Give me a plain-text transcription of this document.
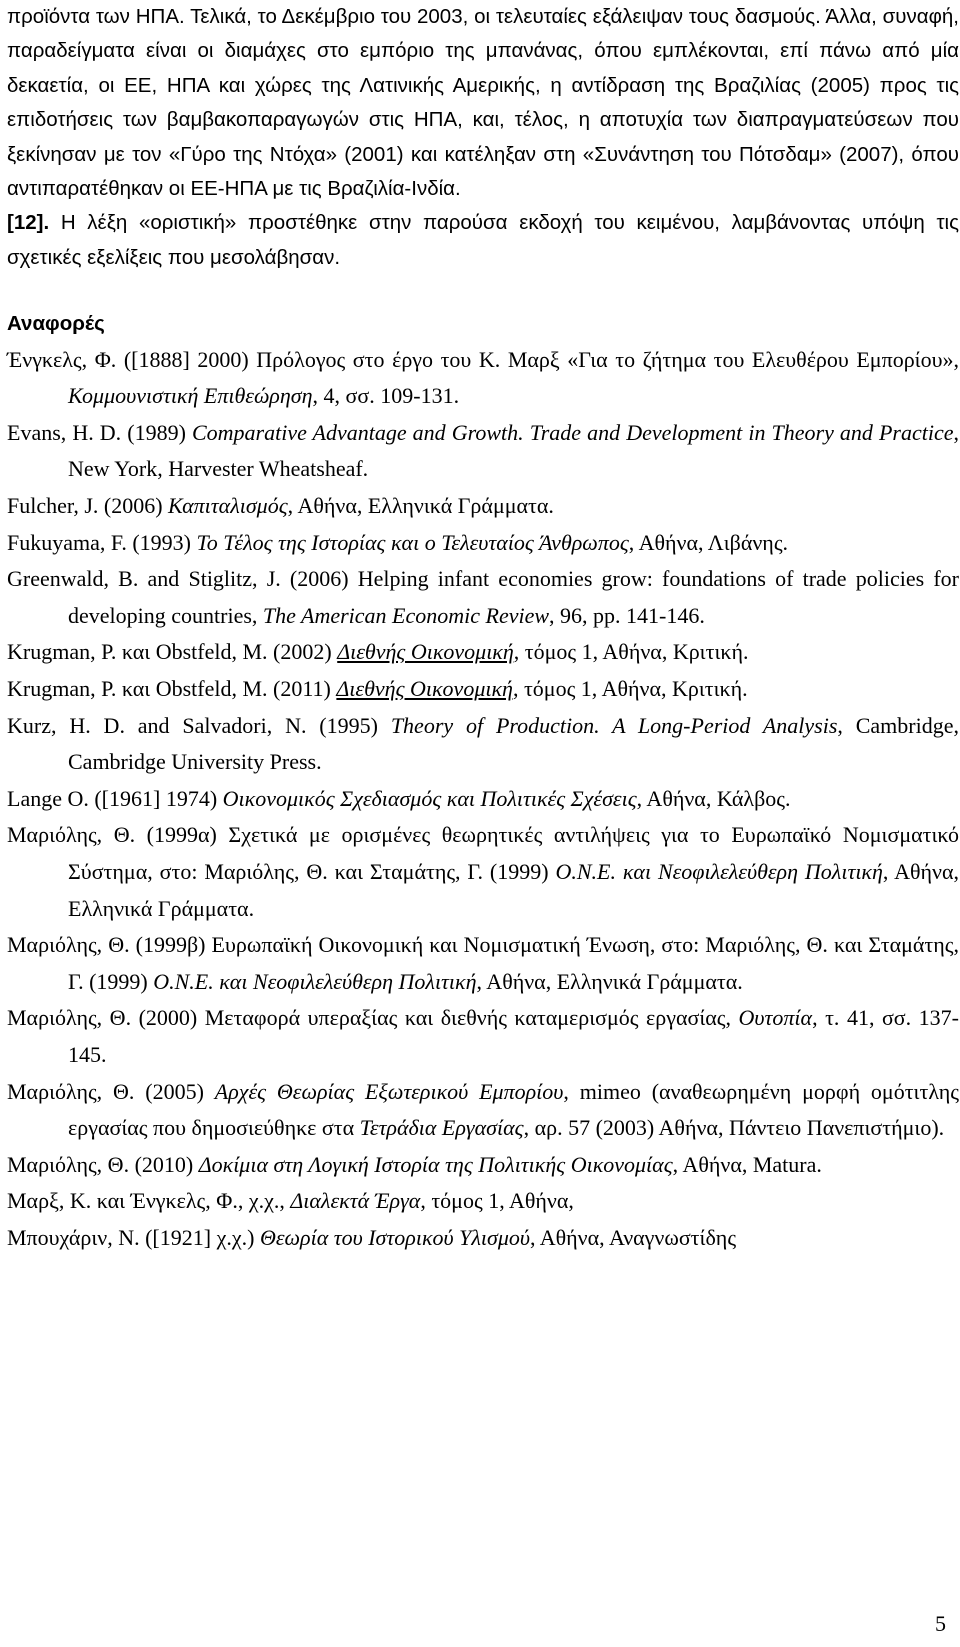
προϊόντα των ΗΠΑ. Τελικά, το Δεκέμβριο του 2003, οι τελευταίες εξάλειψαν τους δασμούς. Άλλα, συναφή, παραδείγματα είναι οι διαμάχες στο εμπόριο της μπανάνας, όπου εμπλέκονται, επί πάνω από μία δεκαετία, οι ΕΕ, ΗΠΑ και χώρες της Λατινικής Αμερικής, η αντίδραση της Βραζιλίας (2005) προς τις επιδοτήσεις των βαμβακοπαραγωγών στις ΗΠΑ, και, τέλος, η αποτυχία των διαπραγματεύσεων που ξεκίνησαν με τον «Γύρο της Ντόχα» (2001) και κατέληξαν στη «Συνάντηση του Πότσδαμ» (2007), όπου αντιπαρατέθηκαν οι ΕΕ-ΗΠΑ με τις Βραζιλία-Ινδία.
[12]. Η λέξη «οριστική» προστέθηκε στην παρούσα εκδοχή του κειμένου, λαμβάνοντας υπόψη τις σχετικές εξελίξεις που μεσολάβησαν.

Αναφορές
Ένγκελς, Φ. ([1888] 2000) Πρόλογος στο έργο του Κ. Μαρξ «Για το ζήτημα του Ελευθέρου Εμπορίου», Κομμουνιστική Επιθεώρηση, 4, σσ. 109-131.
Evans, H. D. (1989) Comparative Advantage and Growth. Trade and Development in Theory and Practice, New York, Harvester Wheatsheaf.
Fulcher, J. (2006) Καπιταλισμός, Αθήνα, Ελληνικά Γράμματα.
Fukuyama, F. (1993) Το Τέλος της Ιστορίας και ο Τελευταίος Άνθρωπος, Αθήνα, Λιβάνης.
Greenwald, B. and Stiglitz, J. (2006) Helping infant economies grow: foundations of trade policies for developing countries, The American Economic Review, 96, pp. 141-146.
Krugman, P. και Obstfeld, M. (2002) Διεθνής Οικονομική, τόμος 1, Αθήνα, Κριτική.
Krugman, P. και Obstfeld, M. (2011) Διεθνής Οικονομική, τόμος 1, Αθήνα, Κριτική.
Kurz, H. D. and Salvadori, N. (1995) Theory of Production. A Long-Period Analysis, Cambridge, Cambridge University Press.
Lange O. ([1961] 1974) Οικονομικός Σχεδιασμός και Πολιτικές Σχέσεις, Αθήνα, Κάλβος.
Μαριόλης, Θ. (1999α) Σχετικά με ορισμένες θεωρητικές αντιλήψεις για το Ευρωπαϊκό Νομισματικό Σύστημα, στο: Μαριόλης, Θ. και Σταμάτης, Γ. (1999) Ο.Ν.Ε. και Νεοφιλελεύθερη Πολιτική, Αθήνα, Ελληνικά Γράμματα.
Μαριόλης, Θ. (1999β) Ευρωπαϊκή Οικονομική και Νομισματική Ένωση, στο: Μαριόλης, Θ. και Σταμάτης, Γ. (1999) Ο.Ν.Ε. και Νεοφιλελεύθερη Πολιτική, Αθήνα, Ελληνικά Γράμματα.
Μαριόλης, Θ. (2000) Μεταφορά υπεραξίας και διεθνής καταμερισμός εργασίας, Ουτοπία, τ. 41, σσ. 137-145.
Μαριόλης, Θ. (2005) Αρχές Θεωρίας Εξωτερικού Εμπορίου, mimeo (αναθεωρημένη μορφή ομότιτλης εργασίας που δημοσιεύθηκε στα Τετράδια Εργασίας, αρ. 57 (2003) Αθήνα, Πάντειο Πανεπιστήμιο).
Μαριόλης, Θ. (2010) Δοκίμια στη Λογική Ιστορία της Πολιτικής Οικονομίας, Αθήνα, Matura.
Μαρξ, Κ. και Ένγκελς, Φ., χ.χ., Διαλεκτά Έργα, τόμος 1, Αθήνα,
Μπουχάριν, Ν. ([1921] χ.χ.) Θεωρία του Ιστορικού Υλισμού, Αθήνα, Αναγνωστίδης
5
